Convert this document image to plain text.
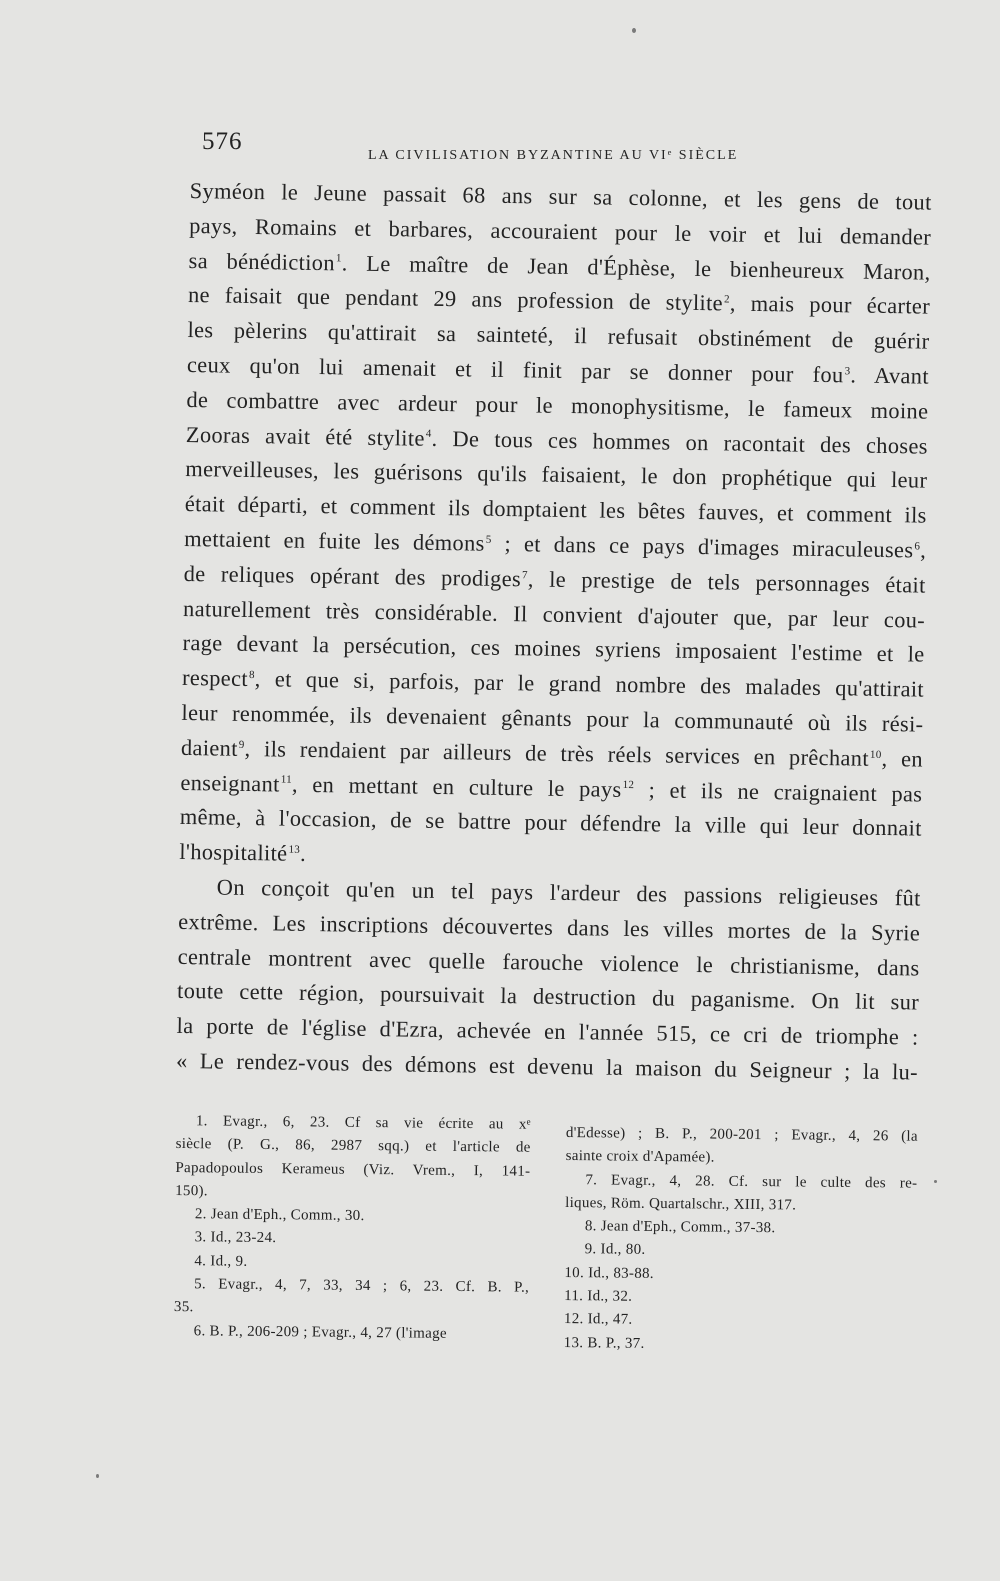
576
LA CIVILISATION BYZANTINE AU VIᵉ SIÈCLE
Syméon le Jeune passait 68 ans sur sa colonne, et les gens de tout
pays, Romains et barbares, accouraient pour le voir et lui demander
sa bénédiction$^1$. Le maître de Jean d'Éphèse, le bienheureux Maron,
ne faisait que pendant 29 ans profession de stylite$^2$, mais pour écarter
les pèlerins qu'attirait sa sainteté, il refusait obstinément de guérir
ceux qu'on lui amenait et il finit par se donner pour fou$^3$. Avant
de combattre avec ardeur pour le monophysitisme, le fameux moine
Zooras avait été stylite$^4$. De tous ces hommes on racontait des choses
merveilleuses, les guérisons qu'ils faisaient, le don prophétique qui leur
était départi, et comment ils domptaient les bêtes fauves, et comment ils
mettaient en fuite les démons$^5$ ; et dans ce pays d'images miraculeuses$^6$,
de reliques opérant des prodiges$^7$, le prestige de tels personnages était
naturellement très considérable. Il convient d'ajouter que, par leur cou-
rage devant la persécution, ces moines syriens imposaient l'estime et le
respect$^8$, et que si, parfois, par le grand nombre des malades qu'attirait
leur renommée, ils devenaient gênants pour la communauté où ils rési-
daient$^9$, ils rendaient par ailleurs de très réels services en prêchant$^{10}$, en
enseignant$^{11}$, en mettant en culture le pays$^{12}$ ; et ils ne craignaient pas
même, à l'occasion, de se battre pour défendre la ville qui leur donnait
l'hospitalité$^{13}$.
On conçoit qu'en un tel pays l'ardeur des passions religieuses fût
extrême. Les inscriptions découvertes dans les villes mortes de la Syrie
centrale montrent avec quelle farouche violence le christianisme, dans
toute cette région, poursuivait la destruction du paganisme. On lit sur
la porte de l'église d'Ezra, achevée en l'année 515, ce cri de triomphe :
« Le rendez-vous des démons est devenu la maison du Seigneur ; la lu-
1. Evagr., 6, 23. Cf sa vie écrite au xᵉ
siècle (P. G., 86, 2987 sqq.) et l'article de
Papadopoulos Kerameus (Viz. Vrem., I, 141-
150).
2. Jean d'Eph., Comm., 30.
3. Id., 23-24.
4. Id., 9.
5. Evagr., 4, 7, 33, 34 ; 6, 23. Cf. B. P.,
35.
6. B. P., 206-209 ; Evagr., 4, 27 (l'image
d'Edesse) ; B. P., 200-201 ; Evagr., 4, 26 (la
sainte croix d'Apamée).
7. Evagr., 4, 28. Cf. sur le culte des re-
liques, Röm. Quartalschr., XIII, 317.
8. Jean d'Eph., Comm., 37-38.
9. Id., 80.
10. Id., 83-88.
11. Id., 32.
12. Id., 47.
13. B. P., 37.
